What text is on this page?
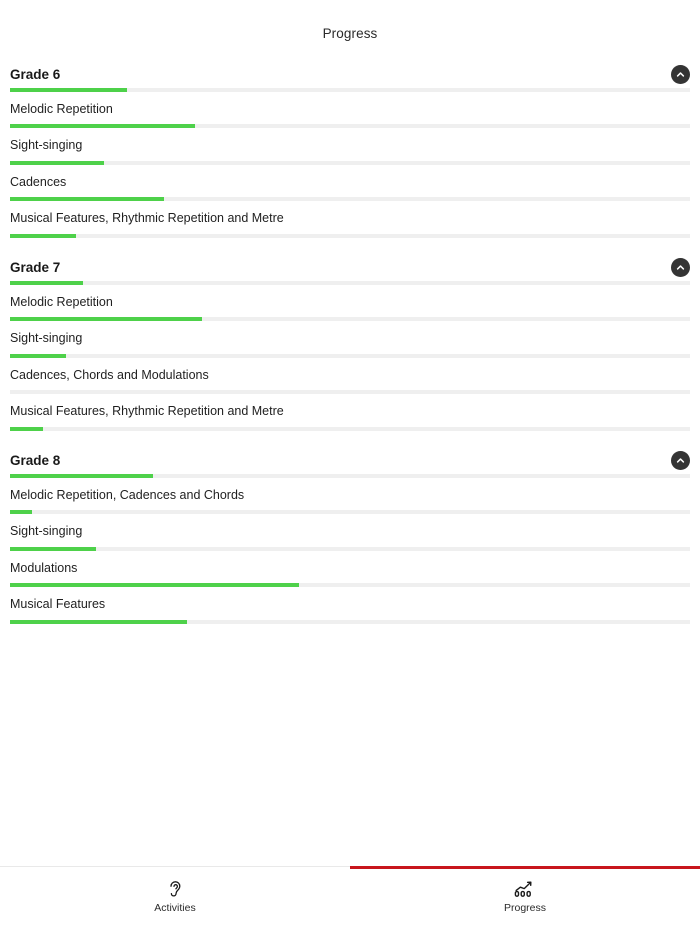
Progress
Grade 6
Melodic Repetition
Sight-singing
Cadences
Musical Features, Rhythmic Repetition and Metre
Grade 7
Melodic Repetition
Sight-singing
Cadences, Chords and Modulations
Musical Features, Rhythmic Repetition and Metre
Grade 8
Melodic Repetition, Cadences and Chords
Sight-singing
Modulations
Musical Features
Activities	Progress
